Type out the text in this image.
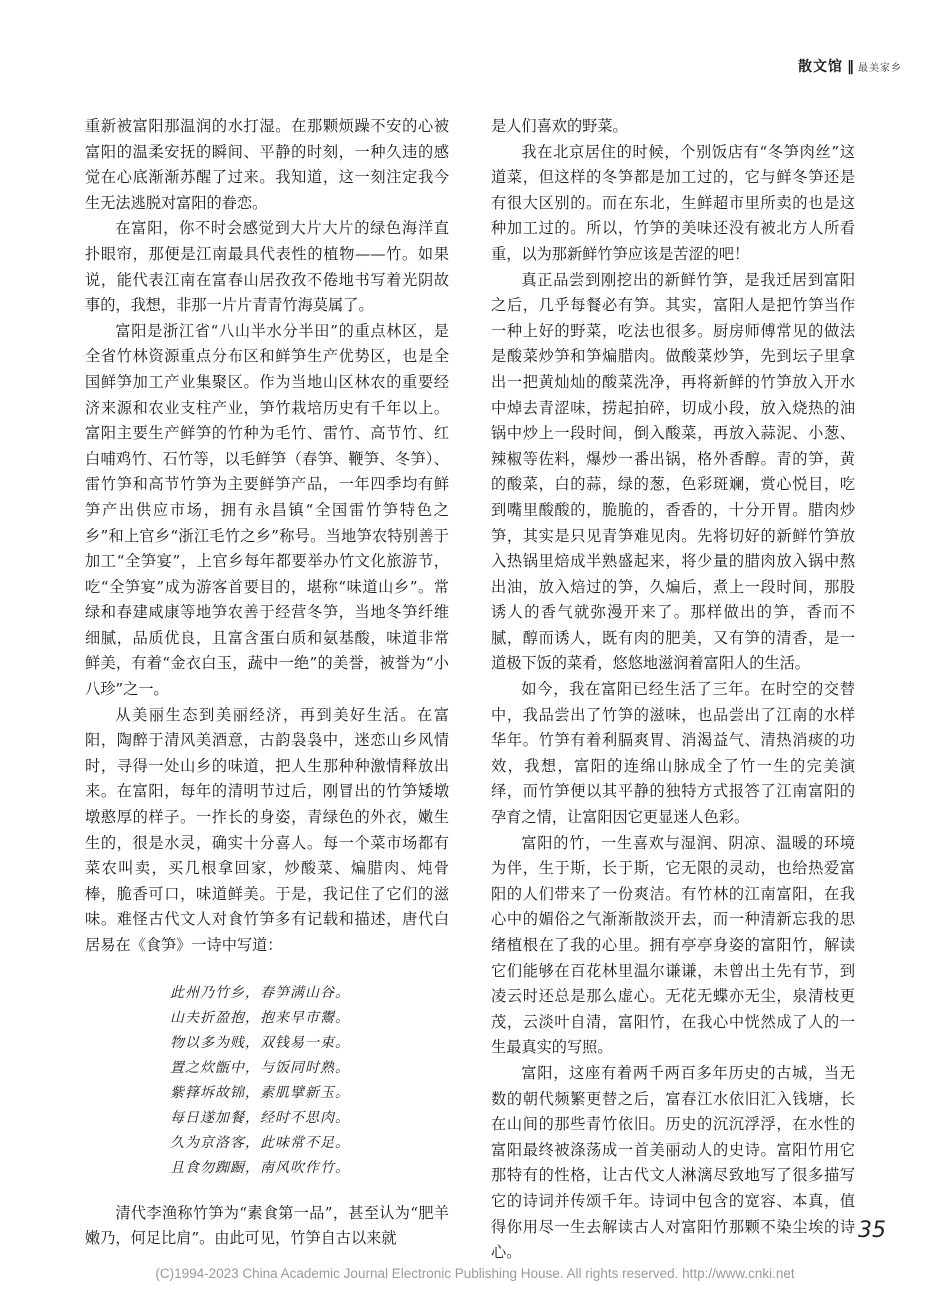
散文馆 ‖ 最美家乡

重新被富阳那温润的水打湿。在那颗烦躁不安的心被富阳的温柔安抚的瞬间、平静的时刻，一种久违的感觉在心底渐渐苏醒了过来。我知道，这一刻注定我今生无法逃脱对富阳的眷恋。

在富阳，你不时会感觉到大片大片的绿色海洋直扑眼帘，那便是江南最具代表性的植物——竹。如果说，能代表江南在富春山居孜孜不倦地书写着光阴故事的，我想，非那一片片青青竹海莫属了。

富阳是浙江省“八山半水分半田”的重点林区，是全省竹林资源重点分布区和鲜笋生产优势区，也是全国鲜笋加工产业集聚区。作为当地山区林农的重要经济来源和农业支柱产业，笋竹栽培历史有千年以上。富阳主要生产鲜笋的竹种为毛竹、雷竹、高节竹、红白哺鸡竹、石竹等，以毛鲜笋（春笋、鞭笋、冬笋）、雷竹笋和高节竹笋为主要鲜笋产品，一年四季均有鲜笋产出供应市场，拥有永昌镇“全国雷竹笋特色之乡”和上官乡“浙江毛竹之乡”称号。当地笋农特别善于加工“全笋宴”，上官乡每年都要举办竹文化旅游节，吃“全笋宴”成为游客首要目的，堪称“味道山乡”。常绿和春建咸康等地笋农善于经营冬笋，当地冬笋纤维细腻，品质优良，且富含蛋白质和氨基酸，味道非常鲜美，有着“金衣白玉，蔬中一绝”的美誉，被誉为“小八珍”之一。

从美丽生态到美丽经济，再到美好生活。在富阳，陶醉于清风美酒意，古韵袅袅中，迷恋山乡风情时，寻得一处山乡的味道，把人生那种种激情释放出来。在富阳，每年的清明节过后，刚冒出的竹笋矮墩墩憨厚的样子。一拃长的身姿，青绿色的外衣，嫩生生的，很是水灵，确实十分喜人。每一个菜市场都有菜农叫卖，买几根拿回家，炒酸菜、煸腊肉、炖骨棒，脆香可口，味道鲜美。于是，我记住了它们的滋味。难怪古代文人对食竹笋多有记载和描述，唐代白居易在《食笋》一诗中写道：

此州乃竹乡，春笋满山谷。
山夫折盈抱，抱来早市鬻。
物以多为贱，双钱易一束。
置之炊甑中，与饭同时熟。
紫箨坼故锦，素肌擘新玉。
每日遂加餐，经时不思肉。
久为京洛客，此味常不足。
且食勿踟蹰，南风吹作竹。

清代李渔称竹笋为“素食第一品”，甚至认为“肥羊嫩乃，何足比肩”。由此可见，竹笋自古以来就

是人们喜欢的野菜。

我在北京居住的时候，个别饭店有“冬笋肉丝”这道菜，但这样的冬笋都是加工过的，它与鲜冬笋还是有很大区别的。而在东北，生鲜超市里所卖的也是这种加工过的。所以，竹笋的美味还没有被北方人所看重，以为那新鲜竹笋应该是苦涩的吧！

真正品尝到刚挖出的新鲜竹笋，是我迁居到富阳之后，几乎每餐必有笋。其实，富阳人是把竹笋当作一种上好的野菜，吃法也很多。厨房师傅常见的做法是酸菜炒笋和笋煸腊肉。做酸菜炒笋，先到坛子里拿出一把黄灿灿的酸菜洗净，再将新鲜的竹笋放入开水中焯去青涩味，捞起拍碎，切成小段，放入烧热的油锅中炒上一段时间，倒入酸菜，再放入蒜泥、小葱、辣椒等佐料，爆炒一番出锅，格外香醇。青的笋，黄的酸菜，白的蒜，绿的葱，色彩斑斓，赏心悦目，吃到嘴里酸酸的，脆脆的，香香的，十分开胃。腊肉炒笋，其实是只见青笋难见肉。先将切好的新鲜竹笋放入热锅里焙成半熟盛起来，将少量的腊肉放入锅中熬出油，放入焙过的笋，久煸后，煮上一段时间，那股诱人的香气就弥漫开来了。那样做出的笋，香而不腻，醇而诱人，既有肉的肥美，又有笋的清香，是一道极下饭的菜肴，悠悠地滋润着富阳人的生活。

如今，我在富阳已经生活了三年。在时空的交替中，我品尝出了竹笋的滋味，也品尝出了江南的水样华年。竹笋有着利膈爽胃、消渴益气、清热消痰的功效，我想，富阳的连绵山脉成全了竹一生的完美演绎，而竹笋便以其平静的独特方式报答了江南富阳的孕育之情，让富阳因它更显迷人色彩。

富阳的竹，一生喜欢与湿润、阴凉、温暖的环境为伴，生于斯，长于斯，它无限的灵动，也给热爱富阳的人们带来了一份爽洁。有竹林的江南富阳，在我心中的媚俗之气渐渐散淡开去，而一种清新忘我的思绪植根在了我的心里。拥有亭亭身姿的富阳竹，解读它们能够在百花林里温尔谦谦，未曾出土先有节，到凌云时还总是那么虚心。无花无蝶亦无尘，泉清枝更茂，云淡叶自清，富阳竹，在我心中恍然成了人的一生最真实的写照。

富阳，这座有着两千两百多年历史的古城，当无数的朝代频繁更替之后，富春江水依旧汇入钱塘，长在山间的那些青竹依旧。历史的沉沉浮浮，在水性的富阳最终被涤荡成一首美丽动人的史诗。富阳竹用它那特有的性格，让古代文人淋漓尽致地写了很多描写它的诗词并传颂千年。诗词中包含的宽容、本真，值得你用尽一生去解读古人对富阳竹那颗不染尘埃的诗心。

35
(C)1994-2023 China Academic Journal Electronic Publishing House. All rights reserved. http://www.cnki.net
